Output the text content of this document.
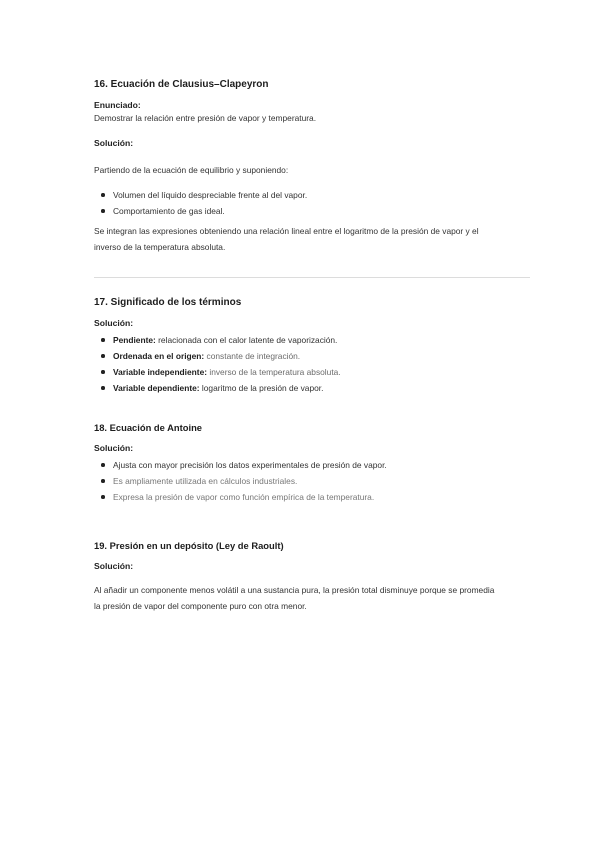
16. Ecuación de Clausius–Clapeyron

Enunciado:

Demostrar la relación entre presión de vapor y temperatura.

Solución:

Partiendo de la ecuación de equilibrio y suponiendo:

Volumen del líquido despreciable frente al del vapor.
Comportamiento de gas ideal.

Se integran las expresiones obteniendo una relación lineal entre el logaritmo de la presión de vapor y el

inverso de la temperatura absoluta.

17. Significado de los términos

Solución:

Pendiente: relacionada con el calor latente de vaporización.
Ordenada en el origen: constante de integración.
Variable independiente: inverso de la temperatura absoluta.
Variable dependiente: logaritmo de la presión de vapor.

18. Ecuación de Antoine

Solución:

Ajusta con mayor precisión los datos experimentales de presión de vapor.
Es ampliamente utilizada en cálculos industriales.
Expresa la presión de vapor como función empírica de la temperatura.

19. Presión en un depósito (Ley de Raoult)

Solución:

Al añadir un componente menos volátil a una sustancia pura, la presión total disminuye porque se promedia

la presión de vapor del componente puro con otra menor.
